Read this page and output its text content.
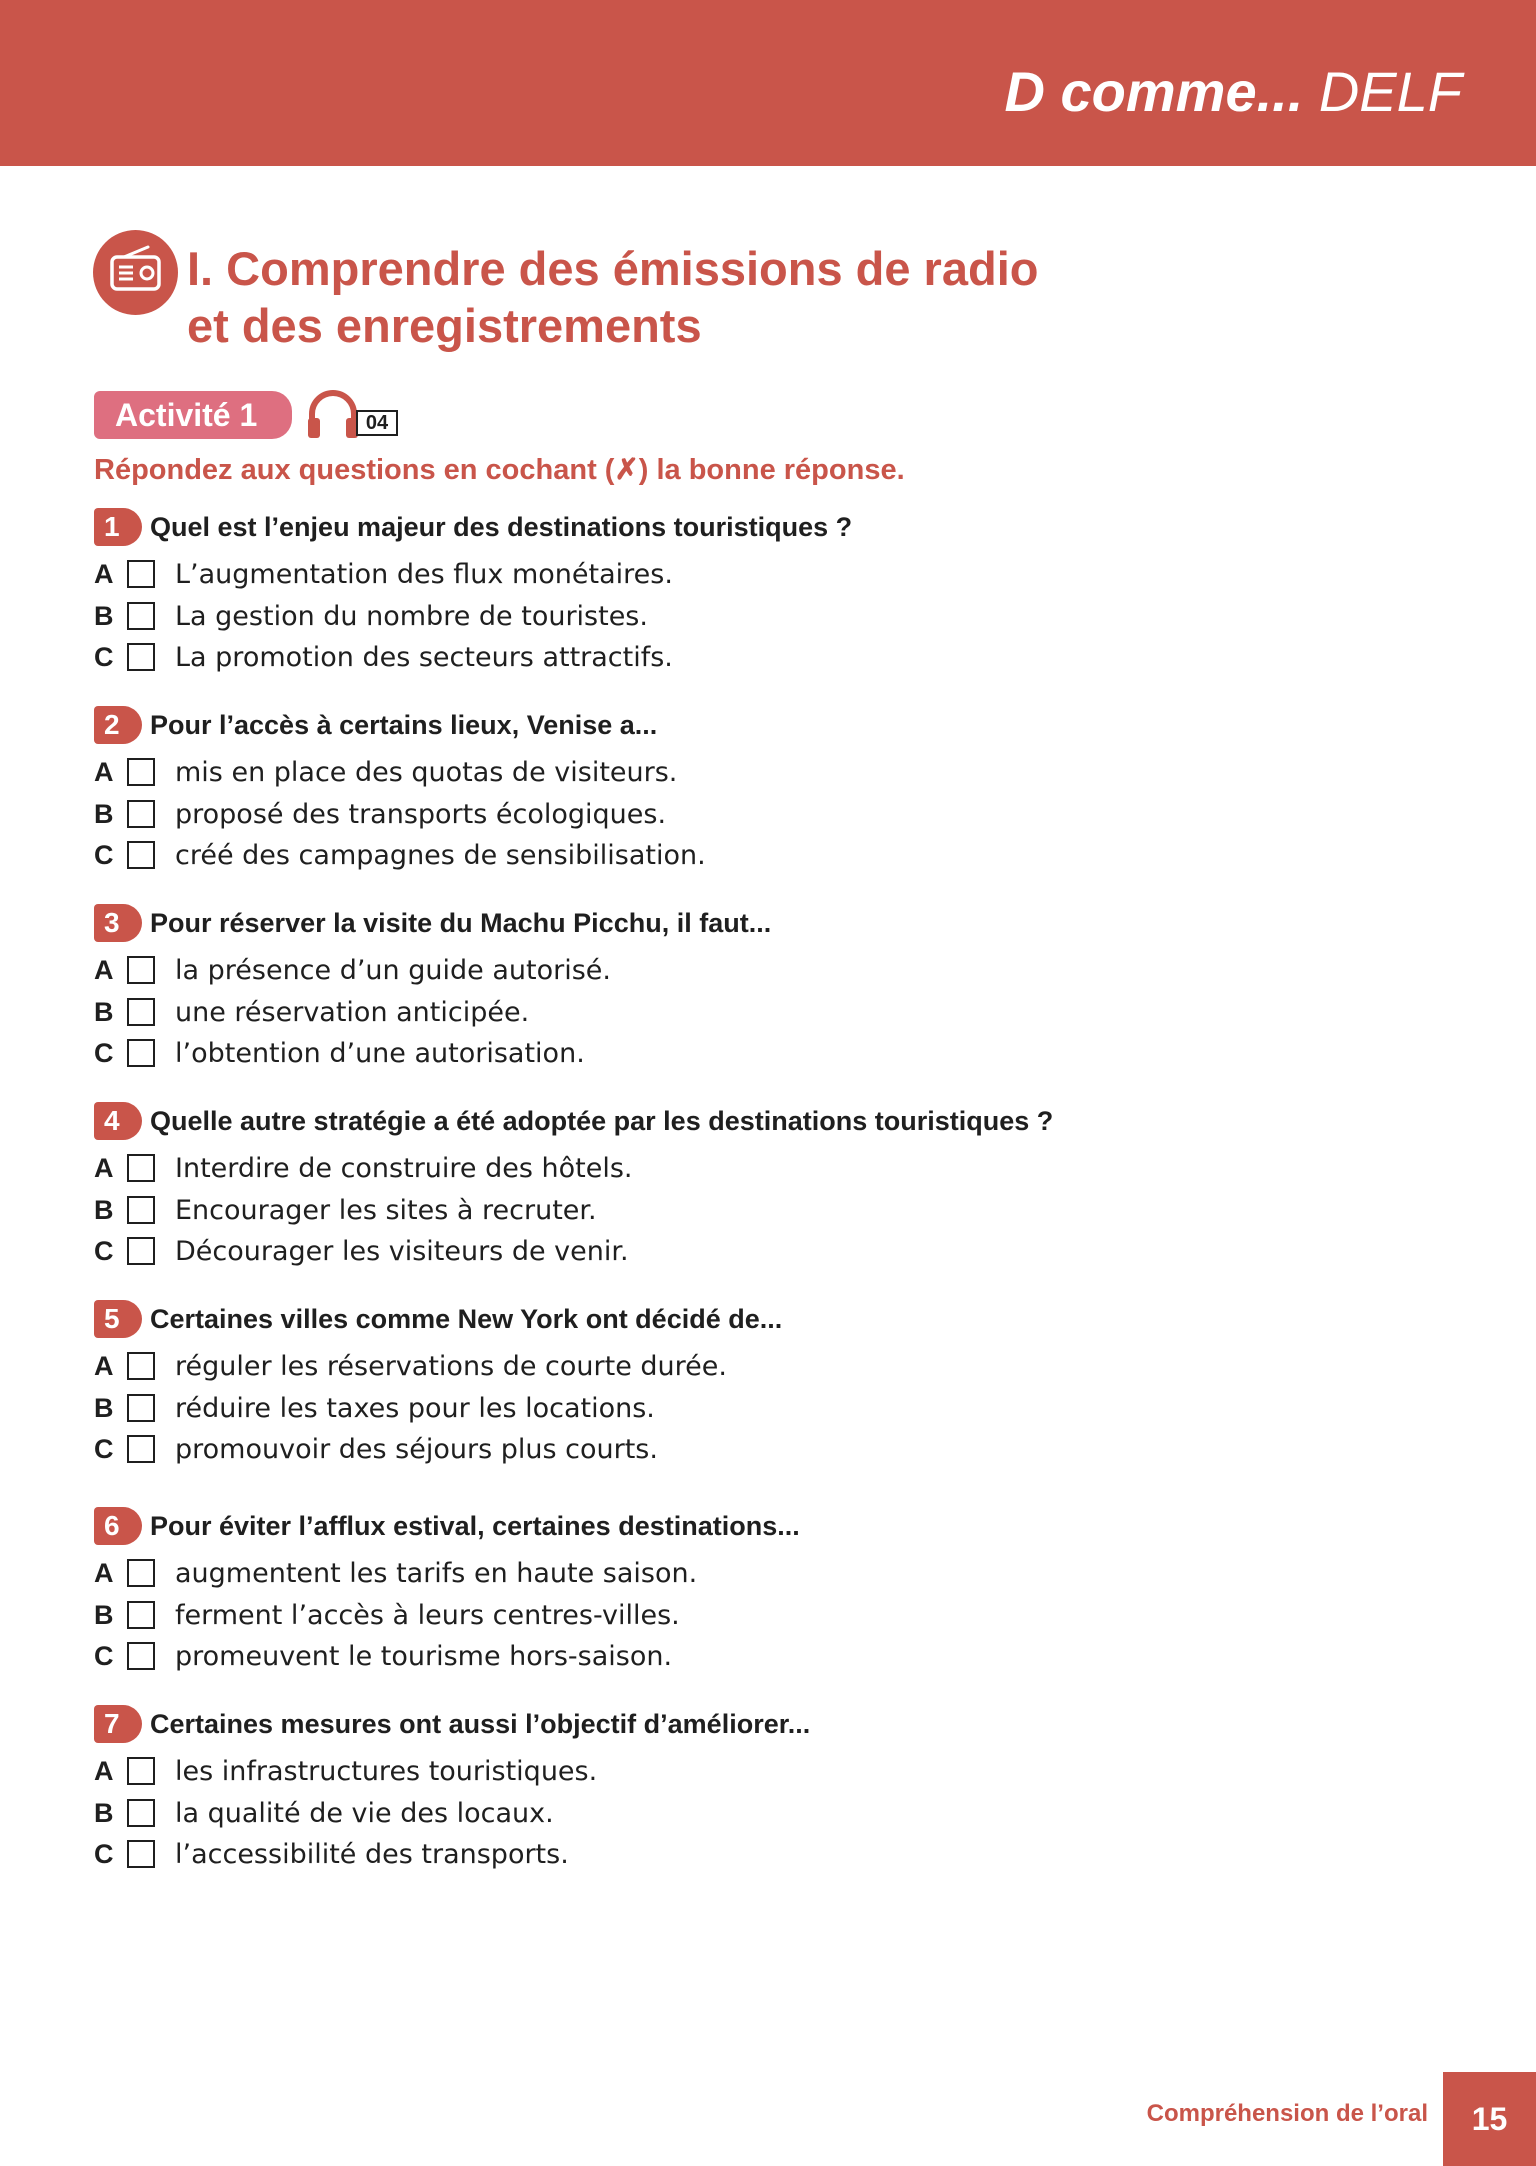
D comme... DELF
I. Comprendre des émissions de radio
et des enregistrements
Activité 1	04
Répondez aux questions en cochant (✗) la bonne réponse.
1	Quel est l’enjeu majeur des destinations touristiques ?
A L’augmentation des flux monétaires.
B La gestion du nombre de touristes.
C La promotion des secteurs attractifs.
2	Pour l’accès à certains lieux, Venise a...
A mis en place des quotas de visiteurs.
B proposé des transports écologiques.
C créé des campagnes de sensibilisation.
3	Pour réserver la visite du Machu Picchu, il faut...
A la présence d’un guide autorisé.
B une réservation anticipée.
C l’obtention d’une autorisation.
4	Quelle autre stratégie a été adoptée par les destinations touristiques ?
A Interdire de construire des hôtels.
B Encourager les sites à recruter.
C Décourager les visiteurs de venir.
5	Certaines villes comme New York ont décidé de...
A réguler les réservations de courte durée.
B réduire les taxes pour les locations.
C promouvoir des séjours plus courts.
6	Pour éviter l’afflux estival, certaines destinations...
A augmentent les tarifs en haute saison.
B ferment l’accès à leurs centres-villes.
C promeuvent le tourisme hors-saison.
7	Certaines mesures ont aussi l’objectif d’améliorer...
A les infrastructures touristiques.
B la qualité de vie des locaux.
C l’accessibilité des transports.
Compréhension de l’oral	15
